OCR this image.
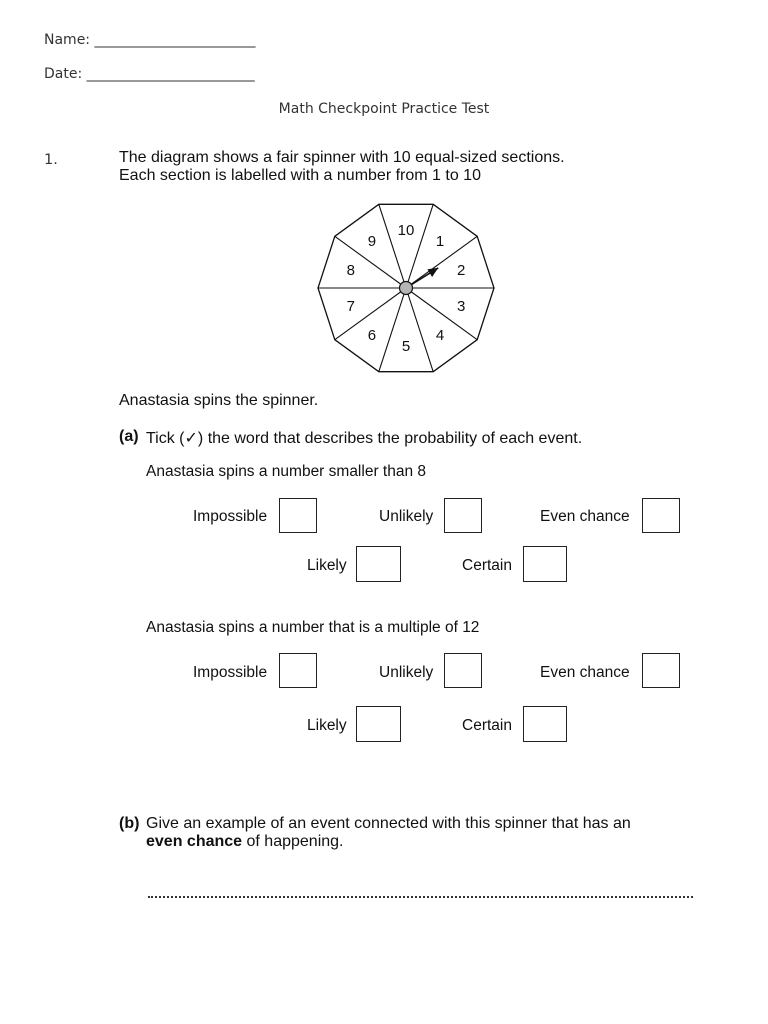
Name: _______________________
Date: ________________________
Math Checkpoint Practice Test
1.	The diagram shows a fair spinner with 10 equal-sized sections.
Each section is labelled with a number from 1 to 10
10
1
2
3
4
5
6
7
8
9
Anastasia spins the spinner.
(a) Tick (✓) the word that describes the probability of each event.
Anastasia spins a number smaller than 8
Impossible	Unlikely	Even chance
Likely	Certain
Anastasia spins a number that is a multiple of 12
Impossible	Unlikely	Even chance
Likely	Certain
(b) Give an example of an event connected with this spinner that has an
even chance of happening.
